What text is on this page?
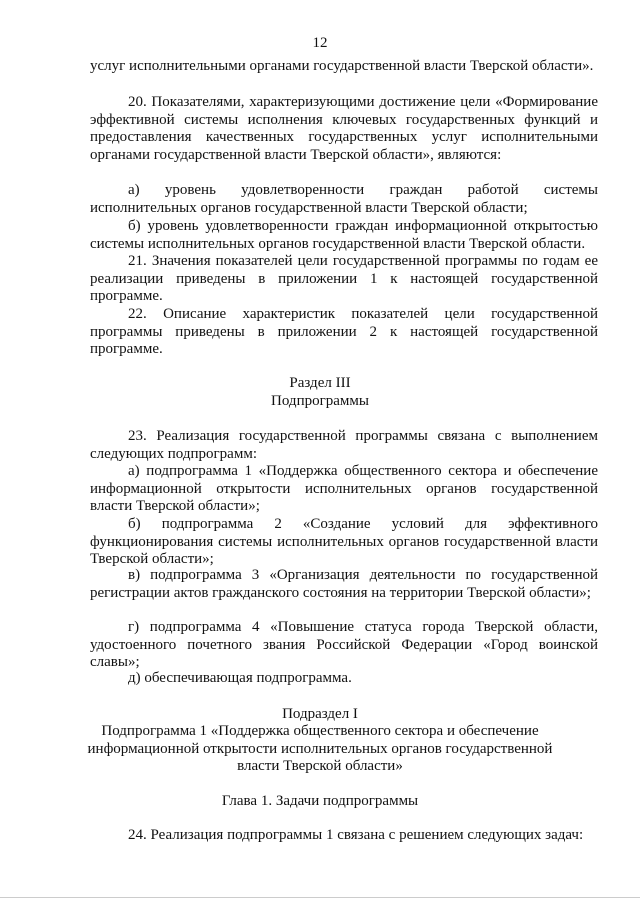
12

услуг исполнительными органами государственной власти Тверской области».

20. Показателями, характеризующими достижение цели «Формирование эффективной системы исполнения ключевых государственных функций и предоставления качественных государственных услуг исполнительными органами государственной власти Тверской области», являются:

а) уровень удовлетворенности граждан работой системы исполнительных органов государственной власти Тверской области;

б) уровень удовлетворенности граждан информационной открытостью системы исполнительных органов государственной власти Тверской области.

21. Значения показателей цели государственной программы по годам ее реализации приведены в приложении 1 к настоящей государственной программе.

22. Описание характеристик показателей цели государственной программы приведены в приложении 2 к настоящей государственной программе.

Раздел III

Подпрограммы

23. Реализация государственной программы связана с выполнением следующих подпрограмм:

а) подпрограмма 1 «Поддержка общественного сектора и обеспечение информационной открытости исполнительных органов государственной власти Тверской области»;

б) подпрограмма 2 «Создание условий для эффективного функционирования системы исполнительных органов государственной власти Тверской области»;

в) подпрограмма 3 «Организация деятельности по государственной регистрации актов гражданского состояния на территории Тверской области»;

г) подпрограмма 4 «Повышение статуса города Тверской области, удостоенного почетного звания Российской Федерации «Город воинской славы»;

д) обеспечивающая подпрограмма.

Подраздел I

Подпрограмма 1 «Поддержка общественного сектора и обеспечение

информационной открытости исполнительных органов государственной

власти Тверской области»

Глава 1. Задачи подпрограммы

24. Реализация подпрограммы 1 связана с решением следующих задач:
